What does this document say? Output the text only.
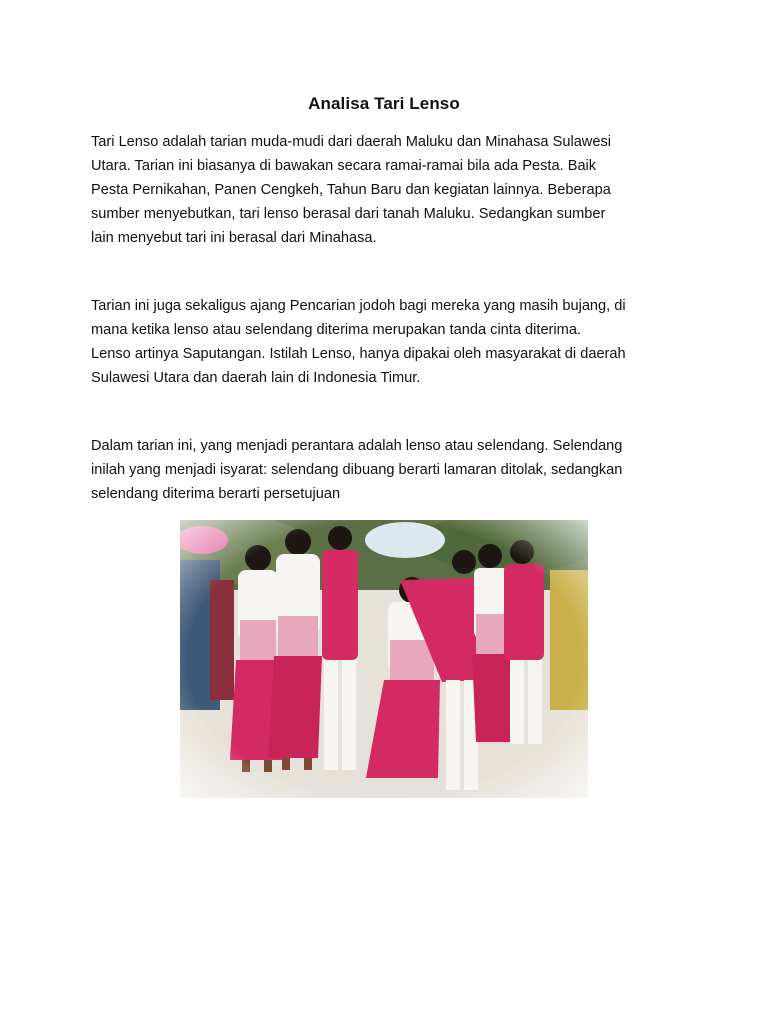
Analisa Tari Lenso

Tari Lenso adalah tarian muda-mudi dari daerah Maluku dan Minahasa Sulawesi
Utara. Tarian ini biasanya di bawakan secara ramai-ramai bila ada Pesta. Baik
Pesta Pernikahan, Panen Cengkeh, Tahun Baru dan kegiatan lainnya. Beberapa
sumber menyebutkan, tari lenso berasal dari tanah Maluku. Sedangkan sumber
lain menyebut tari ini berasal dari Minahasa.

Tarian ini juga sekaligus ajang Pencarian jodoh bagi mereka yang masih bujang, di
mana ketika lenso atau selendang diterima merupakan tanda cinta diterima.
Lenso artinya Saputangan. Istilah Lenso, hanya dipakai oleh masyarakat di daerah
Sulawesi Utara dan daerah lain di Indonesia Timur.

Dalam tarian ini, yang menjadi perantara adalah lenso atau selendang. Selendang
inilah yang menjadi isyarat: selendang dibuang berarti lamaran ditolak, sedangkan
selendang diterima berarti persetujuan
